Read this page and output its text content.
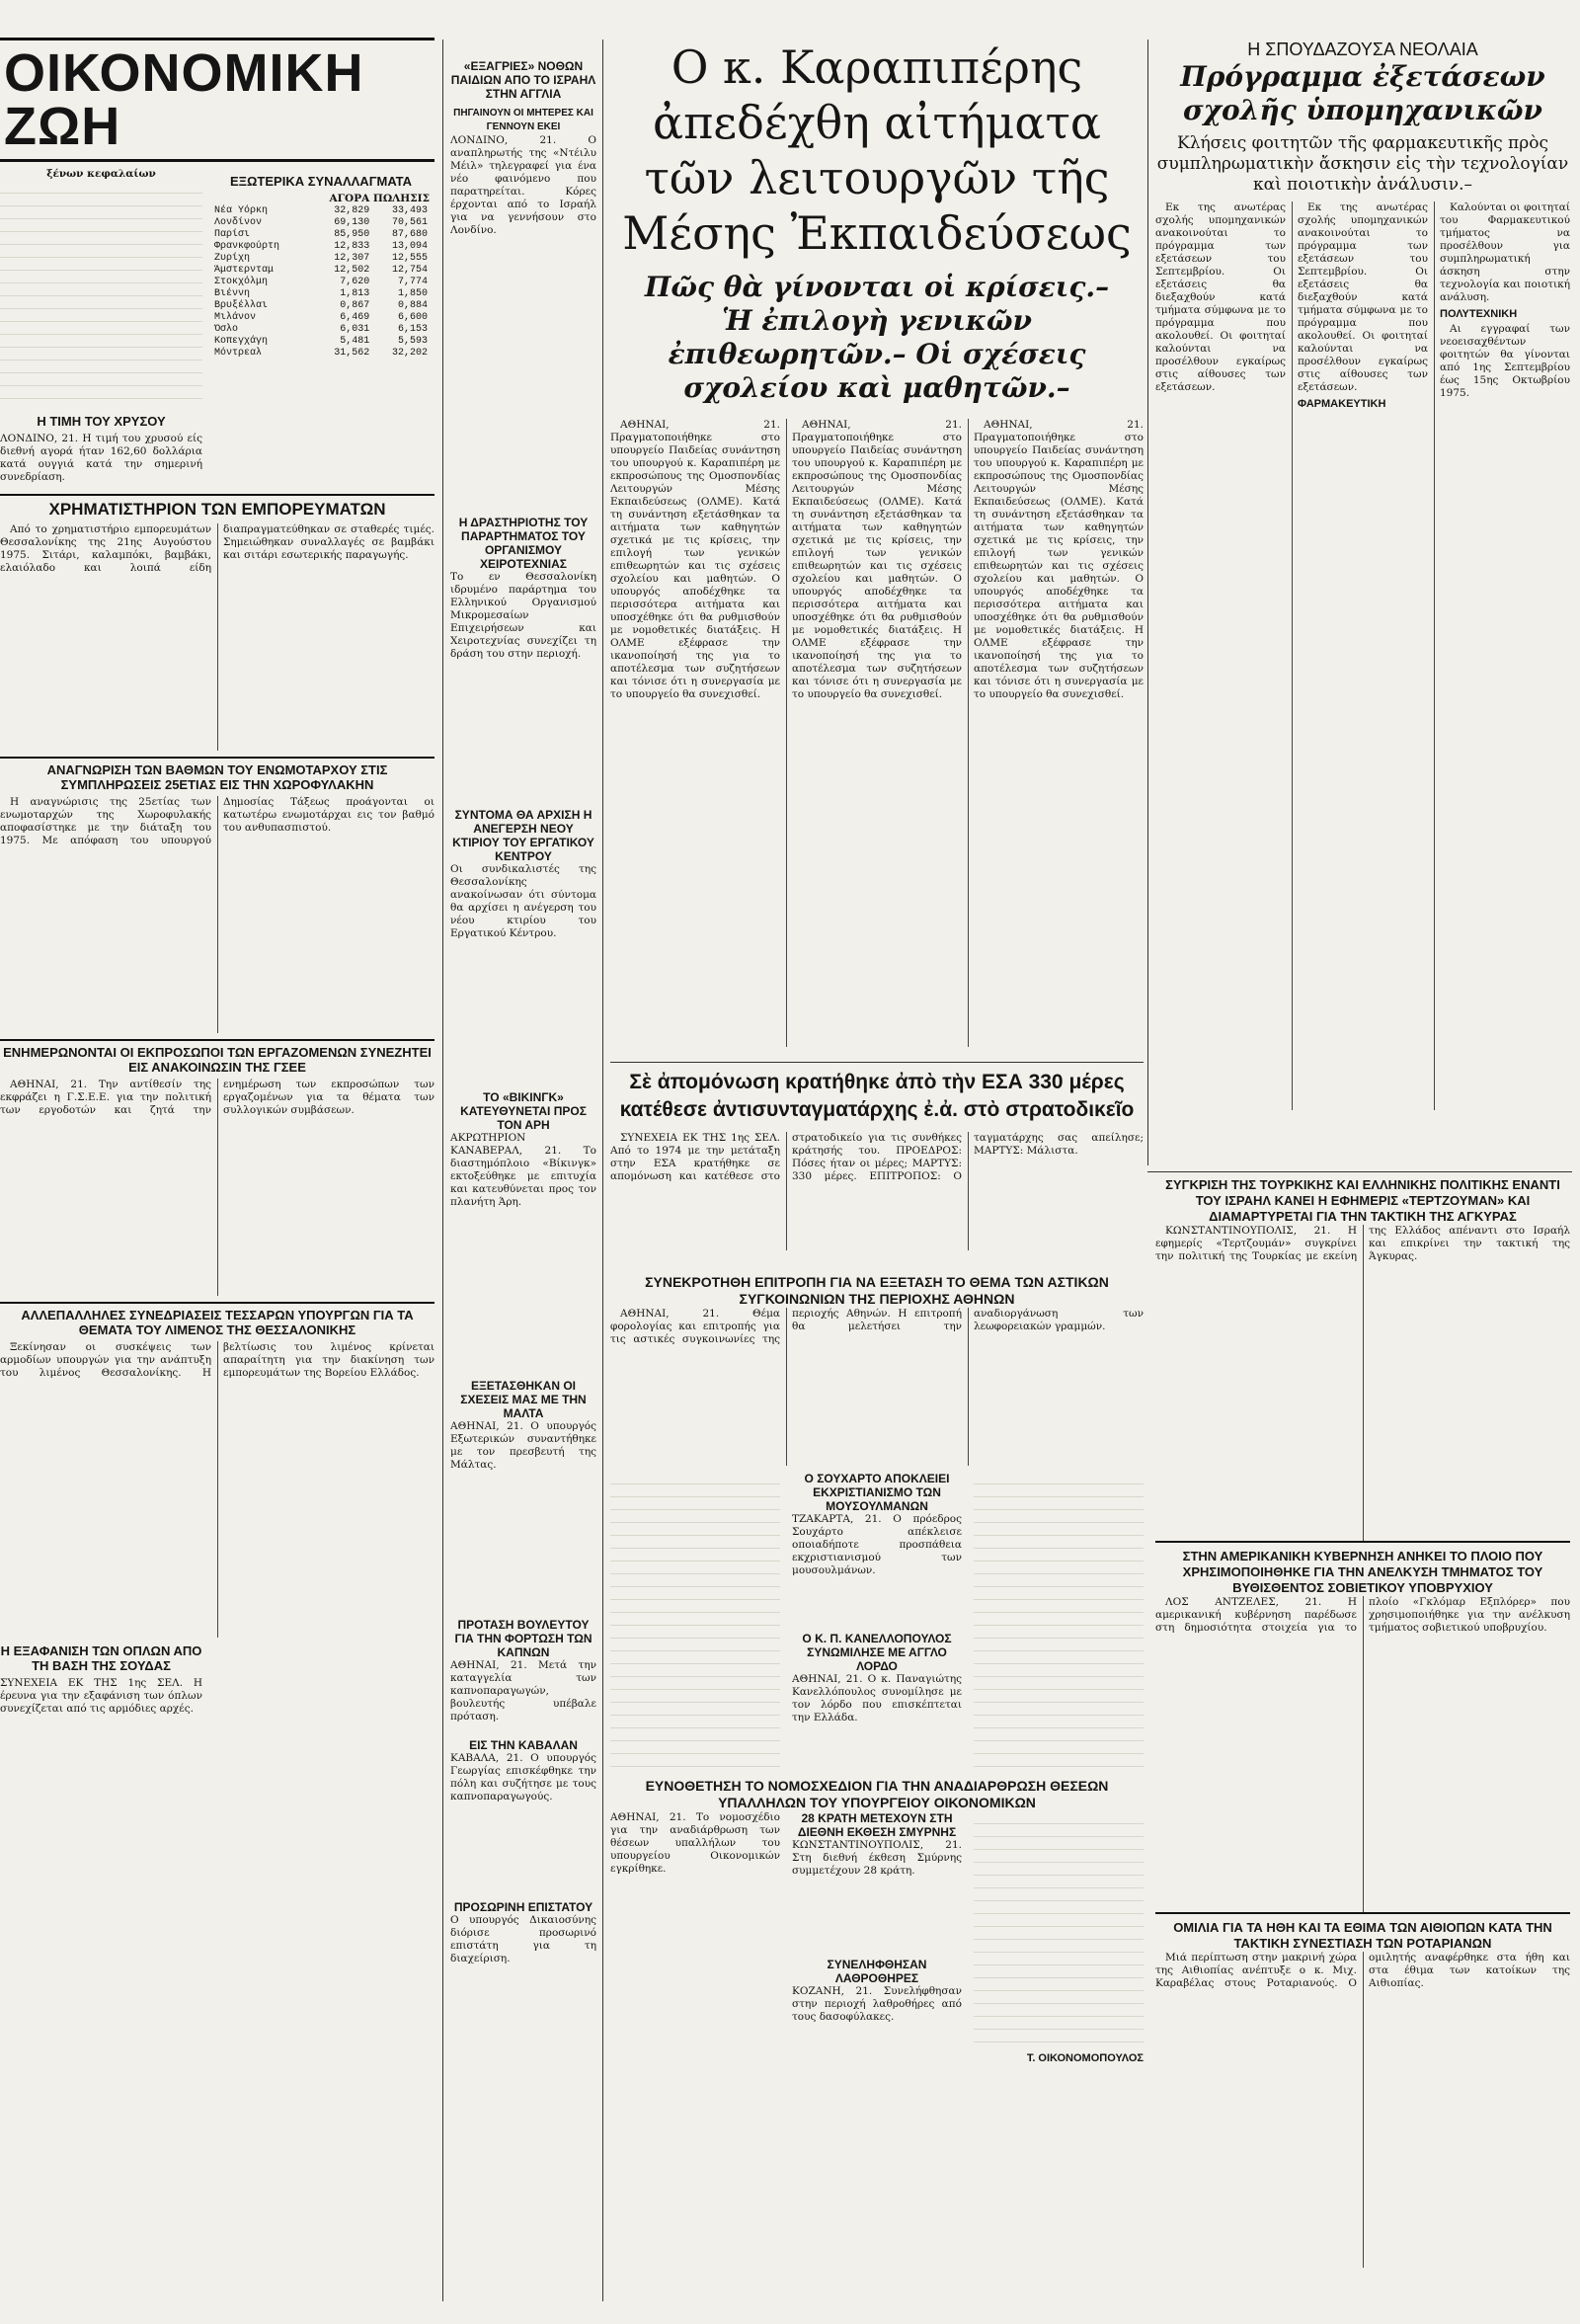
ΟΙΚΟΝΟΜΙΚΗ ΖΩΗ
ξένων κεφαλαίων
Η ΤΙΜΗ ΤΟΥ ΧΡΥΣΟΥ
ΛΟΝΔΙΝΟ, 21. Η τιμή του χρυσού είς διεθνή αγορά ήταν 162,60 δολλάρια κατά ουγγιά κατά την σημερινή συνεδρίαση.
ΕΞΩΤΕΡΙΚΑ ΣΥΝΑΛΛΑΓΜΑΤΑ
ΑΓΟΡΑ ΠΩΛΗΣΙΣ
Νέα Υόρκη	32,829	33,493
Λονδίνον	69,130	70,561
Παρίσι	85,950	87,680
Φρανκφούρτη	12,833	13,094
Ζυρίχη	12,307	12,555
Άμστερνταμ	12,502	12,754
Στοκχόλμη	7,620	7,774
Βιέννη	1,813	1,850
Βρυξέλλαι	0,867	0,884
Μιλάνον	6,469	6,600
Όσλο	6,031	6,153
Κοπεγχάγη	5,481	5,593
Μόντρεαλ	31,562	32,202
ΧΡΗΜΑΤΙΣΤΗΡΙΟΝ ΤΩΝ ΕΜΠΟΡΕΥΜΑΤΩΝ

Από το χρηματιστήριο εμπορευμάτων Θεσσαλονίκης της 21ης Αυγούστου 1975. Σιτάρι, καλαμπόκι, βαμβάκι, ελαιόλαδο και λοιπά είδη διαπραγματεύθηκαν σε σταθερές τιμές. Σημειώθηκαν συναλλαγές σε βαμβάκι και σιτάρι εσωτερικής παραγωγής.

ΑΝΑΓΝΩΡΙΣΗ ΤΩΝ ΒΑΘΜΩΝ ΤΟΥ ΕΝΩΜΟΤΑΡΧΟΥ ΣΤΙΣ ΣΥΜΠΛΗΡΩΣΕΙΣ 25ΕΤΙΑΣ ΕΙΣ ΤΗΝ ΧΩΡΟΦΥΛΑΚΗΝ

Η αναγνώρισις της 25ετίας των ενωμοταρχών της Χωροφυλακής αποφασίστηκε με την διάταξη του 1975. Με απόφαση του υπουργού Δημοσίας Τάξεως προάγονται οι κατωτέρω ενωμοτάρχαι εις τον βαθμό του ανθυπασπιστού.

ΕΝΗΜΕΡΩΝΟΝΤΑΙ ΟΙ ΕΚΠΡΟΣΩΠΟΙ ΤΩΝ ΕΡΓΑΖΟΜΕΝΩΝ ΣΥΝΕΖΗΤΕΙ ΕΙΣ ΑΝΑΚΟΙΝΩΣΙΝ ΤΗΣ ΓΣΕΕ

ΑΘΗΝΑΙ, 21. Την αντίθεσίν της εκφράζει η Γ.Σ.Ε.Ε. για την πολιτική των εργοδοτών και ζητά την ενημέρωση των εκπροσώπων των εργαζομένων για τα θέματα των συλλογικών συμβάσεων.

ΑΛΛΕΠΑΛΛΗΛΕΣ ΣΥΝΕΔΡΙΑΣΕΙΣ ΤΕΣΣΑΡΩΝ ΥΠΟΥΡΓΩΝ ΓΙΑ ΤΑ ΘΕΜΑΤΑ ΤΟΥ ΛΙΜΕΝΟΣ ΤΗΣ ΘΕΣΣΑΛΟΝΙΚΗΣ

Ξεκίνησαν οι συσκέψεις των αρμοδίων υπουργών για την ανάπτυξη του λιμένος Θεσσαλονίκης. Η βελτίωσις του λιμένος κρίνεται απαραίτητη για την διακίνηση των εμπορευμάτων της Βορείου Ελλάδος.

Η ΕΞΑΦΑΝΙΣΗ ΤΩΝ ΟΠΛΩΝ ΑΠΟ ΤΗ ΒΑΣΗ ΤΗΣ ΣΟΥΔΑΣ
ΣΥΝΕΧΕΙΑ ΕΚ ΤΗΣ 1ης ΣΕΛ. Η έρευνα για την εξαφάνιση των όπλων συνεχίζεται από τις αρμόδιες αρχές.
«ΕΞΑΓΡΙΕΣ» ΝΟΘΩΝ ΠΑΙΔΙΩΝ ΑΠΟ ΤΟ ΙΣΡΑΗΛ ΣΤΗΝ ΑΓΓΛΙΑ
ΠΗΓΑΙΝΟΥΝ ΟΙ ΜΗΤΕΡΕΣ ΚΑΙ ΓΕΝΝΟΥΝ ΕΚΕΙ
ΛΟΝΔΙΝΟ, 21. Ο αναπληρωτής της «Ντέιλυ Μέιλ» τηλεγραφεί για ένα νέο φαινόμενο που παρατηρείται. Κόρες έρχονται από το Ισραήλ για να γεννήσουν στο Λονδίνο.
Η ΔΡΑΣΤΗΡΙΟΤΗΣ ΤΟΥ ΠΑΡΑΡΤΗΜΑΤΟΣ ΤΟΥ ΟΡΓΑΝΙΣΜΟΥ ΧΕΙΡΟΤΕΧΝΙΑΣ
Το εν Θεσσαλονίκη ιδρυμένο παράρτημα του Ελληνικού Οργανισμού Μικρομεσαίων Επιχειρήσεων και Χειροτεχνίας συνεχίζει τη δράση του στην περιοχή.
ΣΥΝΤΟΜΑ ΘΑ ΑΡΧΙΣΗ Η ΑΝΕΓΕΡΣΗ ΝΕΟΥ ΚΤΙΡΙΟΥ ΤΟΥ ΕΡΓΑΤΙΚΟΥ ΚΕΝΤΡΟΥ
Οι συνδικαλιστές της Θεσσαλονίκης ανακοίνωσαν ότι σύντομα θα αρχίσει η ανέγερση του νέου κτιρίου του Εργατικού Κέντρου.
ΤΟ «ΒΙΚΙΝΓΚ» ΚΑΤΕΥΘΥΝΕΤΑΙ ΠΡΟΣ ΤΟΝ ΑΡΗ
ΑΚΡΩΤΗΡΙΟΝ ΚΑΝΑΒΕΡΑΛ, 21. Το διαστημόπλοιο «Βίκινγκ» εκτοξεύθηκε με επιτυχία και κατευθύνεται προς τον πλανήτη Άρη.
ΕΞΕΤΑΣΘΗΚΑΝ ΟΙ ΣΧΕΣΕΙΣ ΜΑΣ ΜΕ ΤΗΝ ΜΑΛΤΑ
ΑΘΗΝΑΙ, 21. Ο υπουργός Εξωτερικών συναντήθηκε με τον πρεσβευτή της Μάλτας.
ΠΡΟΤΑΣΗ ΒΟΥΛΕΥΤΟΥ ΓΙΑ ΤΗΝ ΦΟΡΤΩΣΗ ΤΩΝ ΚΑΠΝΩΝ
ΑΘΗΝΑΙ, 21. Μετά την καταγγελία των καπνοπαραγωγών, βουλευτής υπέβαλε πρόταση.
ΕΙΣ ΤΗΝ ΚΑΒΑΛΑΝ
ΚΑΒΑΛΑ, 21. Ο υπουργός Γεωργίας επισκέφθηκε την πόλη και συζήτησε με τους καπνοπαραγωγούς.
ΠΡΟΣΩΡΙΝΗ ΕΠΙΣΤΑΤΟΥ
Ο υπουργός Δικαιοσύνης διόρισε προσωρινό επιστάτη για τη διαχείριση.
Ο κ. Καραπιπέρης ἀπεδέχθη αἰτήματα τῶν λειτουργῶν τῆς Μέσης Ἐκπαιδεύσεως
Πῶς θὰ γίνονται οἱ κρίσεις.– Ἡ ἐπιλογὴ γενικῶν ἐπιθεωρητῶν.– Οἱ σχέσεις σχολείου καὶ μαθητῶν.–

ΑΘΗΝΑΙ, 21. Πραγματοποιήθηκε στο υπουργείο Παιδείας συνάντηση του υπουργού κ. Καραπιπέρη με εκπροσώπους της Ομοσπονδίας Λειτουργών Μέσης Εκπαιδεύσεως (ΟΛΜΕ). Κατά τη συνάντηση εξετάσθηκαν τα αιτήματα των καθηγητών σχετικά με τις κρίσεις, την επιλογή των γενικών επιθεωρητών και τις σχέσεις σχολείου και μαθητών. Ο υπουργός αποδέχθηκε τα περισσότερα αιτήματα και υποσχέθηκε ότι θα ρυθμισθούν με νομοθετικές διατάξεις. Η ΟΛΜΕ εξέφρασε την ικανοποίησή της για το αποτέλεσμα των συζητήσεων και τόνισε ότι η συνεργασία με το υπουργείο θα συνεχισθεί.

ΑΘΗΝΑΙ, 21. Πραγματοποιήθηκε στο υπουργείο Παιδείας συνάντηση του υπουργού κ. Καραπιπέρη με εκπροσώπους της Ομοσπονδίας Λειτουργών Μέσης Εκπαιδεύσεως (ΟΛΜΕ). Κατά τη συνάντηση εξετάσθηκαν τα αιτήματα των καθηγητών σχετικά με τις κρίσεις, την επιλογή των γενικών επιθεωρητών και τις σχέσεις σχολείου και μαθητών. Ο υπουργός αποδέχθηκε τα περισσότερα αιτήματα και υποσχέθηκε ότι θα ρυθμισθούν με νομοθετικές διατάξεις. Η ΟΛΜΕ εξέφρασε την ικανοποίησή της για το αποτέλεσμα των συζητήσεων και τόνισε ότι η συνεργασία με το υπουργείο θα συνεχισθεί.

ΑΘΗΝΑΙ, 21. Πραγματοποιήθηκε στο υπουργείο Παιδείας συνάντηση του υπουργού κ. Καραπιπέρη με εκπροσώπους της Ομοσπονδίας Λειτουργών Μέσης Εκπαιδεύσεως (ΟΛΜΕ). Κατά τη συνάντηση εξετάσθηκαν τα αιτήματα των καθηγητών σχετικά με τις κρίσεις, την επιλογή των γενικών επιθεωρητών και τις σχέσεις σχολείου και μαθητών. Ο υπουργός αποδέχθηκε τα περισσότερα αιτήματα και υποσχέθηκε ότι θα ρυθμισθούν με νομοθετικές διατάξεις. Η ΟΛΜΕ εξέφρασε την ικανοποίησή της για το αποτέλεσμα των συζητήσεων και τόνισε ότι η συνεργασία με το υπουργείο θα συνεχισθεί.

Η ΣΠΟΥΔΑΖΟΥΣΑ ΝΕΟΛΑΙΑ
Πρόγραμμα ἐξετάσεων σχολῆς ὑπομηχανικῶν
Κλήσεις φοιτητῶν τῆς φαρμακευτικῆς πρὸς συμπληρωματικὴν ἄσκησιν εἰς τὴν τεχνολογίαν καὶ ποιοτικὴν ἀνάλυσιν.–

Εκ της ανωτέρας σχολής υπομηχανικών ανακοινούται το πρόγραμμα των εξετάσεων του Σεπτεμβρίου. Οι εξετάσεις θα διεξαχθούν κατά τμήματα σύμφωνα με το πρόγραμμα που ακολουθεί. Οι φοιτηταί καλούνται να προσέλθουν εγκαίρως στις αίθουσες των εξετάσεων.

Εκ της ανωτέρας σχολής υπομηχανικών ανακοινούται το πρόγραμμα των εξετάσεων του Σεπτεμβρίου. Οι εξετάσεις θα διεξαχθούν κατά τμήματα σύμφωνα με το πρόγραμμα που ακολουθεί. Οι φοιτηταί καλούνται να προσέλθουν εγκαίρως στις αίθουσες των εξετάσεων.

ΦΑΡΜΑΚΕΥΤΙΚΗ

Καλούνται οι φοιτηταί του Φαρμακευτικού τμήματος να προσέλθουν για συμπληρωματική άσκηση στην τεχνολογία και ποιοτική ανάλυση.

ΠΟΛΥΤΕΧΝΙΚΗ

Αι εγγραφαί των νεοεισαχθέντων φοιτητών θα γίνονται από 1ης Σεπτεμβρίου έως 15ης Οκτωβρίου 1975.

Σὲ ἀπομόνωση κρατήθηκε ἀπὸ τὴν ΕΣΑ 330 μέρες κατέθεσε ἀντισυνταγματάρχης ἐ.ἀ. στὸ στρατοδικεῖο

ΣΥΝΕΧΕΙΑ ΕΚ ΤΗΣ 1ης ΣΕΛ. Από το 1974 με την μετάταξη στην ΕΣΑ κρατήθηκε σε απομόνωση και κατέθεσε στο στρατοδικείο για τις συνθήκες κράτησής του. ΠΡΟΕΔΡΟΣ: Πόσες ήταν οι μέρες; ΜΑΡΤΥΣ: 330 μέρες. ΕΠΙΤΡΟΠΟΣ: Ο ταγματάρχης σας απείλησε; ΜΑΡΤΥΣ: Μάλιστα.

ΣΥΝΕΚΡΟΤΗΘΗ ΕΠΙΤΡΟΠΗ ΓΙΑ ΝΑ ΕΞΕΤΑΣΗ ΤΟ ΘΕΜΑ ΤΩΝ ΑΣΤΙΚΩΝ ΣΥΓΚΟΙΝΩΝΙΩΝ ΤΗΣ ΠΕΡΙΟΧΗΣ ΑΘΗΝΩΝ

ΑΘΗΝΑΙ, 21. Θέμα φορολογίας και επιτροπής για τις αστικές συγκοινωνίες της περιοχής Αθηνών. Η επιτροπή θα μελετήσει την αναδιοργάνωση των λεωφορειακών γραμμών.

Ο ΣΟΥΧΑΡΤΟ ΑΠΟΚΛΕΙΕΙ ΕΚΧΡΙΣΤΙΑΝΙΣΜΟ ΤΩΝ ΜΟΥΣΟΥΛΜΑΝΩΝ
ΤΖΑΚΑΡΤΑ, 21. Ο πρόεδρος Σουχάρτο απέκλεισε οποιαδήποτε προσπάθεια εκχριστιανισμού των μουσουλμάνων.
Ο Κ. Π. ΚΑΝΕΛΛΟΠΟΥΛΟΣ ΣΥΝΩΜΙΛΗΣΕ ΜΕ ΑΓΓΛΟ ΛΟΡΔΟ
ΑΘΗΝΑΙ, 21. Ο κ. Παναγιώτης Κανελλόπουλος συνομίλησε με τον λόρδο που επισκέπτεται την Ελλάδα.
ΕΥΝΟΘΕΤΗΣΗ ΤΟ ΝΟΜΟΣΧΕΔΙΟΝ ΓΙΑ ΤΗΝ ΑΝΑΔΙΑΡΘΡΩΣΗ ΘΕΣΕΩΝ ΥΠΑΛΛΗΛΩΝ ΤΟΥ ΥΠΟΥΡΓΕΙΟΥ ΟΙΚΟΝΟΜΙΚΩΝ
ΑΘΗΝΑΙ, 21. Το νομοσχέδιο για την αναδιάρθρωση των θέσεων υπαλλήλων του υπουργείου Οικονομικών εγκρίθηκε.
28 ΚΡΑΤΗ ΜΕΤΕΧΟΥΝ ΣΤΗ ΔΙΕΘΝΗ ΕΚΘΕΣΗ ΣΜΥΡΝΗΣ
ΚΩΝΣΤΑΝΤΙΝΟΥΠΟΛΙΣ, 21. Στη διεθνή έκθεση Σμύρνης συμμετέχουν 28 κράτη.
ΣΥΝΕΛΗΦΘΗΣΑΝ ΛΑΘΡΟΘΗΡΕΣ
ΚΟΖΑΝΗ, 21. Συνελήφθησαν στην περιοχή λαθροθήρες από τους δασοφύλακες.
Τ. ΟΙΚΟΝΟΜΟΠΟΥΛΟΣ
ΣΥΓΚΡΙΣΗ ΤΗΣ ΤΟΥΡΚΙΚΗΣ ΚΑΙ ΕΛΛΗΝΙΚΗΣ ΠΟΛΙΤΙΚΗΣ ΕΝΑΝΤΙ ΤΟΥ ΙΣΡΑΗΛ ΚΑΝΕΙ Η ΕΦΗΜΕΡΙΣ «ΤΕΡΤΖΟΥΜΑΝ» ΚΑΙ ΔΙΑΜΑΡΤΥΡΕΤΑΙ ΓΙΑ ΤΗΝ ΤΑΚΤΙΚΗ ΤΗΣ ΑΓΚΥΡΑΣ

ΚΩΝΣΤΑΝΤΙΝΟΥΠΟΛΙΣ, 21. Η εφημερίς «Τερτζουμάν» συγκρίνει την πολιτική της Τουρκίας με εκείνη της Ελλάδος απέναντι στο Ισραήλ και επικρίνει την τακτική της Άγκυρας.

ΣΤΗΝ ΑΜΕΡΙΚΑΝΙΚΗ ΚΥΒΕΡΝΗΣΗ ΑΝΗΚΕΙ ΤΟ ΠΛΟΙΟ ΠΟΥ ΧΡΗΣΙΜΟΠΟΙΗΘΗΚΕ ΓΙΑ ΤΗΝ ΑΝΕΛΚΥΣΗ ΤΜΗΜΑΤΟΣ ΤΟΥ ΒΥΘΙΣΘΕΝΤΟΣ ΣΟΒΙΕΤΙΚΟΥ ΥΠΟΒΡΥΧΙΟΥ

ΛΟΣ ΑΝΤΖΕΛΕΣ, 21. Η αμερικανική κυβέρνηση παρέδωσε στη δημοσιότητα στοιχεία για το πλοίο «Γκλόμαρ Εξπλόρερ» που χρησιμοποιήθηκε για την ανέλκυση τμήματος σοβιετικού υποβρυχίου.

ΟΜΙΛΙΑ ΓΙΑ ΤΑ ΗΘΗ ΚΑΙ ΤΑ ΕΘΙΜΑ ΤΩΝ ΑΙΘΙΟΠΩΝ ΚΑΤΑ ΤΗΝ ΤΑΚΤΙΚΗ ΣΥΝΕΣΤΙΑΣΗ ΤΩΝ ΡΟΤΑΡΙΑΝΩΝ

Μιά περίπτωση στην μακρινή χώρα της Αιθιοπίας ανέπτυξε ο κ. Μιχ. Καραβέλας στους Ροταριανούς. Ο ομιλητής αναφέρθηκε στα ήθη και στα έθιμα των κατοίκων της Αιθιοπίας.
